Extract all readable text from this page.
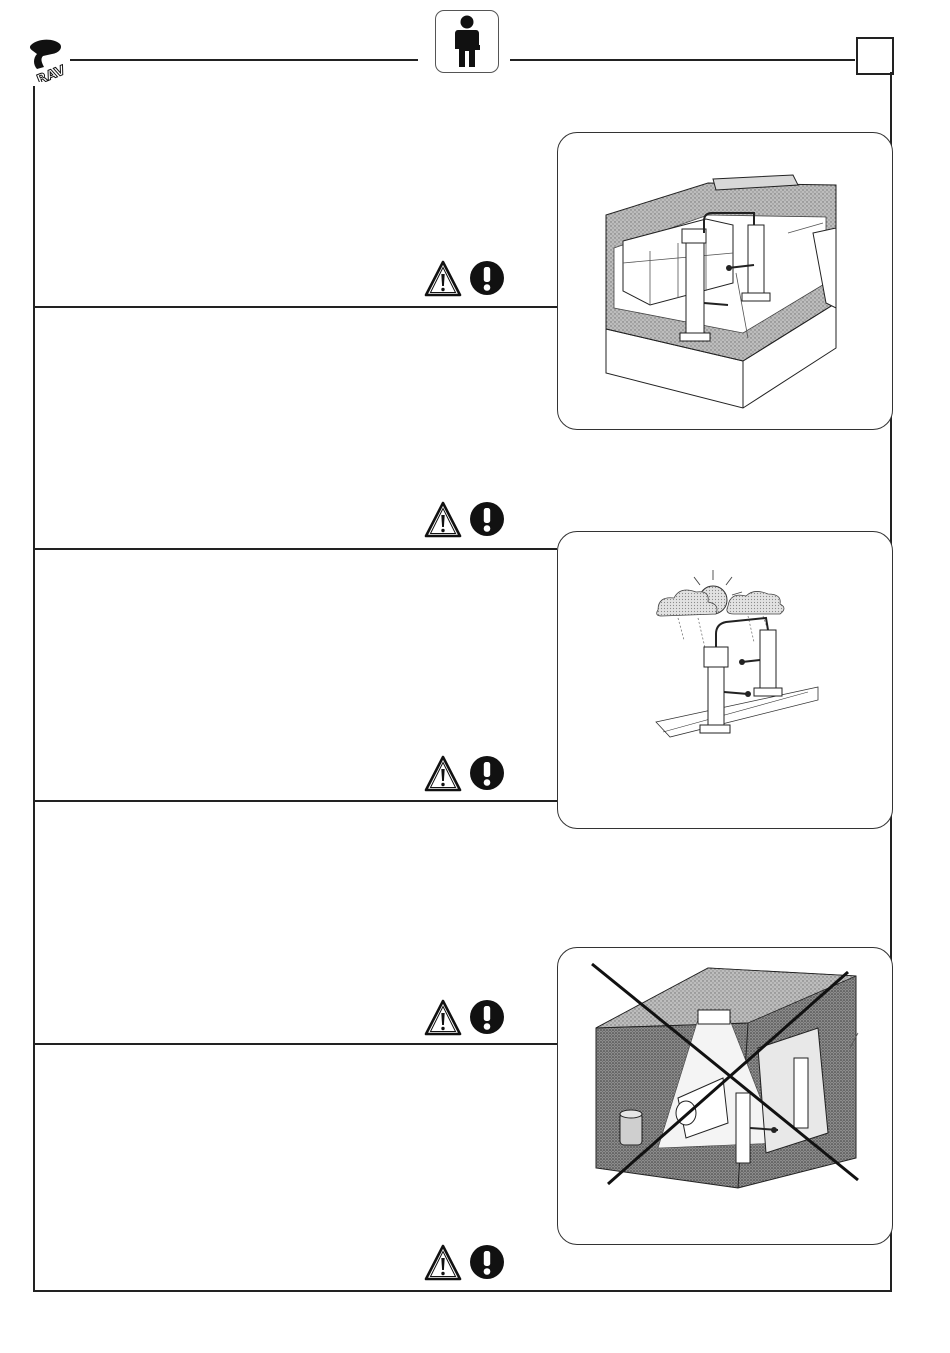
RAV
